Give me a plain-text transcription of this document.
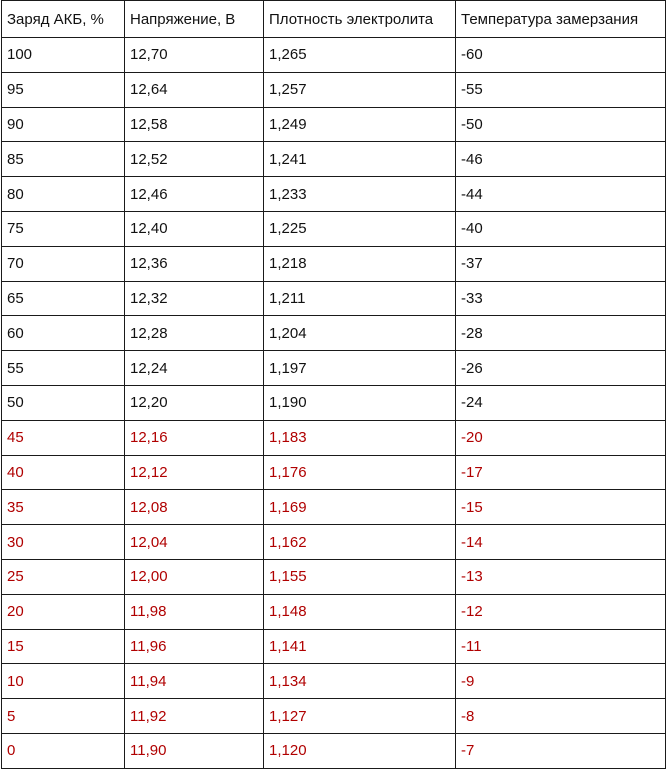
Заряд АКБ, %	Напряжение, В	Плотность электролита	Температура замерзания
100	12,70	1,265	-60
95	12,64	1,257	-55
90	12,58	1,249	-50
85	12,52	1,241	-46
80	12,46	1,233	-44
75	12,40	1,225	-40
70	12,36	1,218	-37
65	12,32	1,211	-33
60	12,28	1,204	-28
55	12,24	1,197	-26
50	12,20	1,190	-24
45	12,16	1,183	-20
40	12,12	1,176	-17
35	12,08	1,169	-15
30	12,04	1,162	-14
25	12,00	1,155	-13
20	11,98	1,148	-12
15	11,96	1,141	-11
10	11,94	1,134	-9
5	11,92	1,127	-8
0	11,90	1,120	-7
